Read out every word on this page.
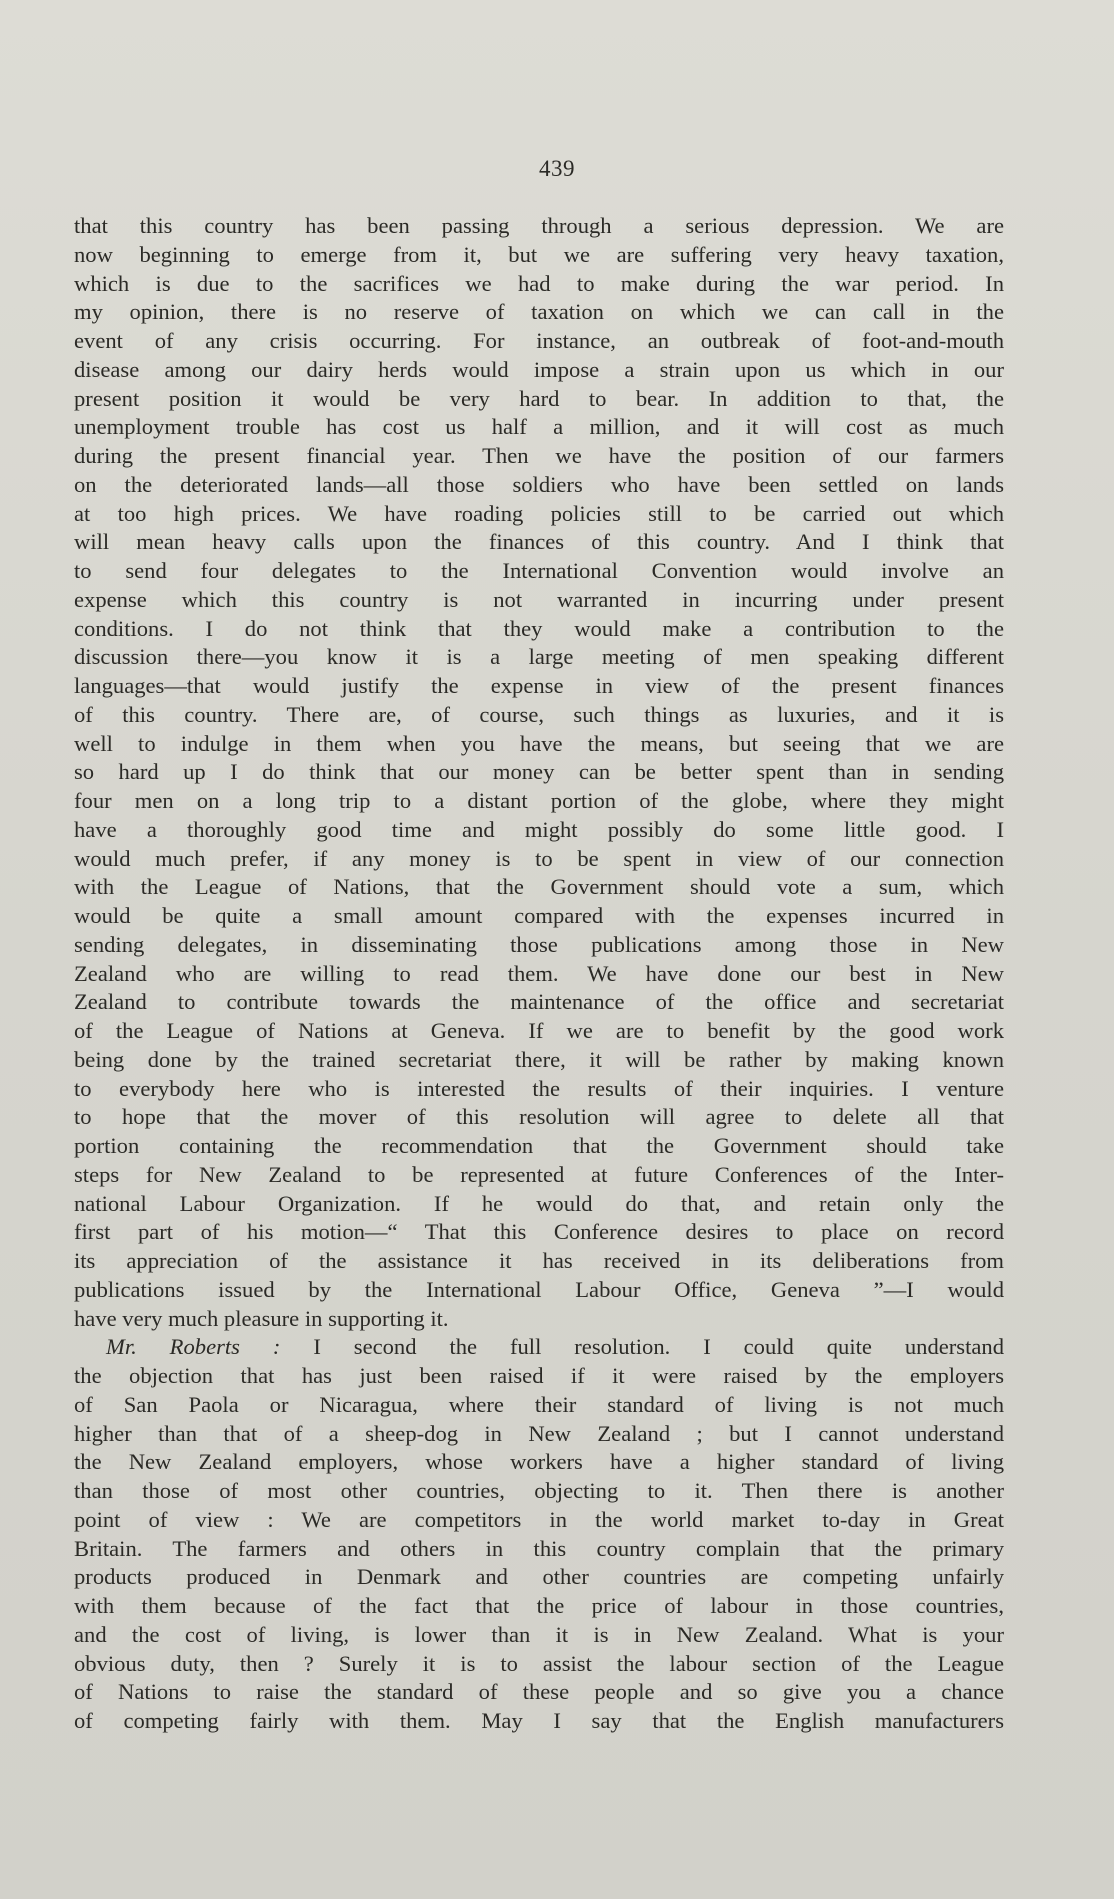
439
that this country has been passing through a serious depression. We are
now beginning to emerge from it, but we are suffering very heavy taxation,
which is due to the sacrifices we had to make during the war period. In
my opinion, there is no reserve of taxation on which we can call in the
event of any crisis occurring. For instance, an outbreak of foot-and-mouth
disease among our dairy herds would impose a strain upon us which in our
present position it would be very hard to bear. In addition to that, the
unemployment trouble has cost us half a million, and it will cost as much
during the present financial year. Then we have the position of our farmers
on the deteriorated lands—all those soldiers who have been settled on lands
at too high prices. We have roading policies still to be carried out which
will mean heavy calls upon the finances of this country. And I think that
to send four delegates to the International Convention would involve an
expense which this country is not warranted in incurring under present
conditions. I do not think that they would make a contribution to the
discussion there—you know it is a large meeting of men speaking different
languages—that would justify the expense in view of the present finances
of this country. There are, of course, such things as luxuries, and it is
well to indulge in them when you have the means, but seeing that we are
so hard up I do think that our money can be better spent than in sending
four men on a long trip to a distant portion of the globe, where they might
have a thoroughly good time and might possibly do some little good. I
would much prefer, if any money is to be spent in view of our connection
with the League of Nations, that the Government should vote a sum, which
would be quite a small amount compared with the expenses incurred in
sending delegates, in disseminating those publications among those in New
Zealand who are willing to read them. We have done our best in New
Zealand to contribute towards the maintenance of the office and secretariat
of the League of Nations at Geneva. If we are to benefit by the good work
being done by the trained secretariat there, it will be rather by making known
to everybody here who is interested the results of their inquiries. I venture
to hope that the mover of this resolution will agree to delete all that
portion containing the recommendation that the Government should take
steps for New Zealand to be represented at future Conferences of the Inter-
national Labour Organization. If he would do that, and retain only the
first part of his motion—“ That this Conference desires to place on record
its appreciation of the assistance it has received in its deliberations from
publications issued by the International Labour Office, Geneva ”—I would
have very much pleasure in supporting it.
Mr. Roberts : I second the full resolution. I could quite understand
the objection that has just been raised if it were raised by the employers
of San Paola or Nicaragua, where their standard of living is not much
higher than that of a sheep-dog in New Zealand ; but I cannot understand
the New Zealand employers, whose workers have a higher standard of living
than those of most other countries, objecting to it. Then there is another
point of view : We are competitors in the world market to-day in Great
Britain. The farmers and others in this country complain that the primary
products produced in Denmark and other countries are competing unfairly
with them because of the fact that the price of labour in those countries,
and the cost of living, is lower than it is in New Zealand. What is your
obvious duty, then ? Surely it is to assist the labour section of the League
of Nations to raise the standard of these people and so give you a chance
of competing fairly with them. May I say that the English manufacturers
